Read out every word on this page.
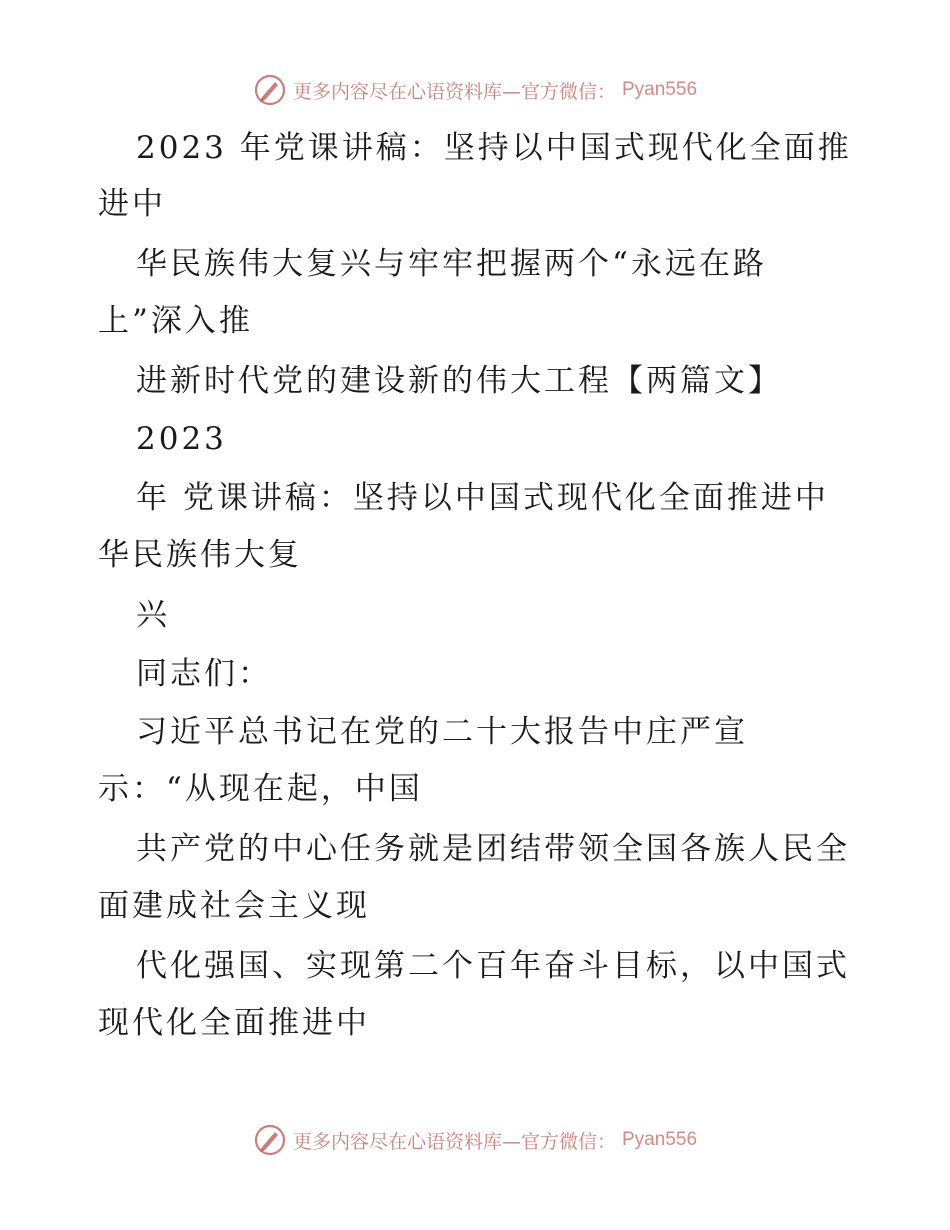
更多内容尽在心语资料库—官方微信： Pyan556
2023 年党课讲稿：坚持以中国式现代化全面推
进中
华民族伟大复兴与牢牢把握两个“永远在路
上”深入推
进新时代党的建设新的伟大工程【两篇文】
2023
年 党课讲稿：坚持以中国式现代化全面推进中
华民族伟大复
兴
同志们：
习近平总书记在党的二十大报告中庄严宣
示：“从现在起，中国
共产党的中心任务就是团结带领全国各族人民全
面建成社会主义现
代化强国、实现第二个百年奋斗目标，以中国式
现代化全面推进中
更多内容尽在心语资料库—官方微信： Pyan556
